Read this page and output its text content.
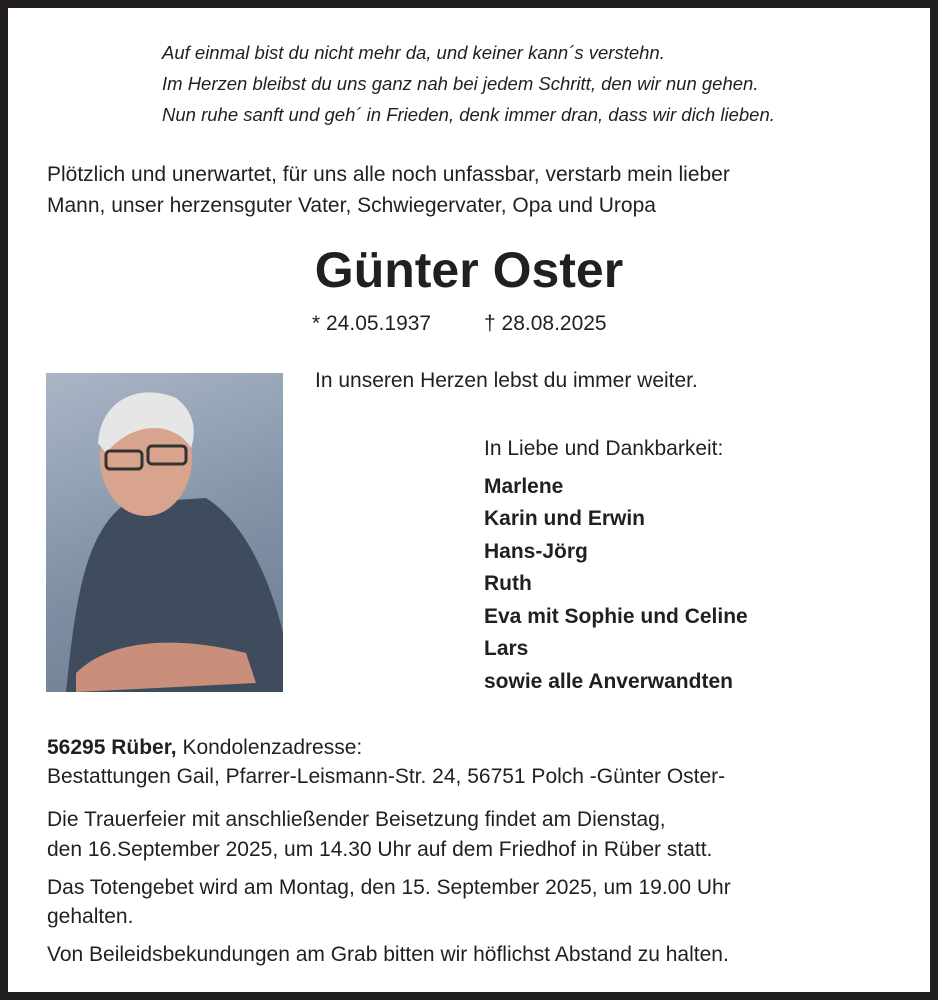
Auf einmal bist du nicht mehr da, und keiner kann´s verstehn.
Im Herzen bleibst du uns ganz nah bei jedem Schritt, den wir nun gehen.
Nun ruhe sanft und geh´ in Frieden, denk immer dran, dass wir dich lieben.
Plötzlich und unerwartet, für uns alle noch unfassbar, verstarb mein lieber
Mann, unser herzensguter Vater, Schwiegervater, Opa und Uropa
Günter Oster
* 24.05.1937	† 28.08.2025
In unseren Herzen lebst du immer weiter.
In Liebe und Dankbarkeit:
Marlene
Karin und Erwin
Hans-Jörg
Ruth
Eva mit Sophie und Celine
Lars
sowie alle Anverwandten
56295 Rüber, Kondolenzadresse:
Bestattungen Gail, Pfarrer-Leismann-Str. 24, 56751 Polch -Günter Oster-
Die Trauerfeier mit anschließender Beisetzung findet am Dienstag,
den 16.September 2025, um 14.30 Uhr auf dem Friedhof in Rüber statt.
Das Totengebet wird am Montag, den 15. September 2025, um 19.00 Uhr
gehalten.
Von Beileidsbekundungen am Grab bitten wir höflichst Abstand zu halten.
